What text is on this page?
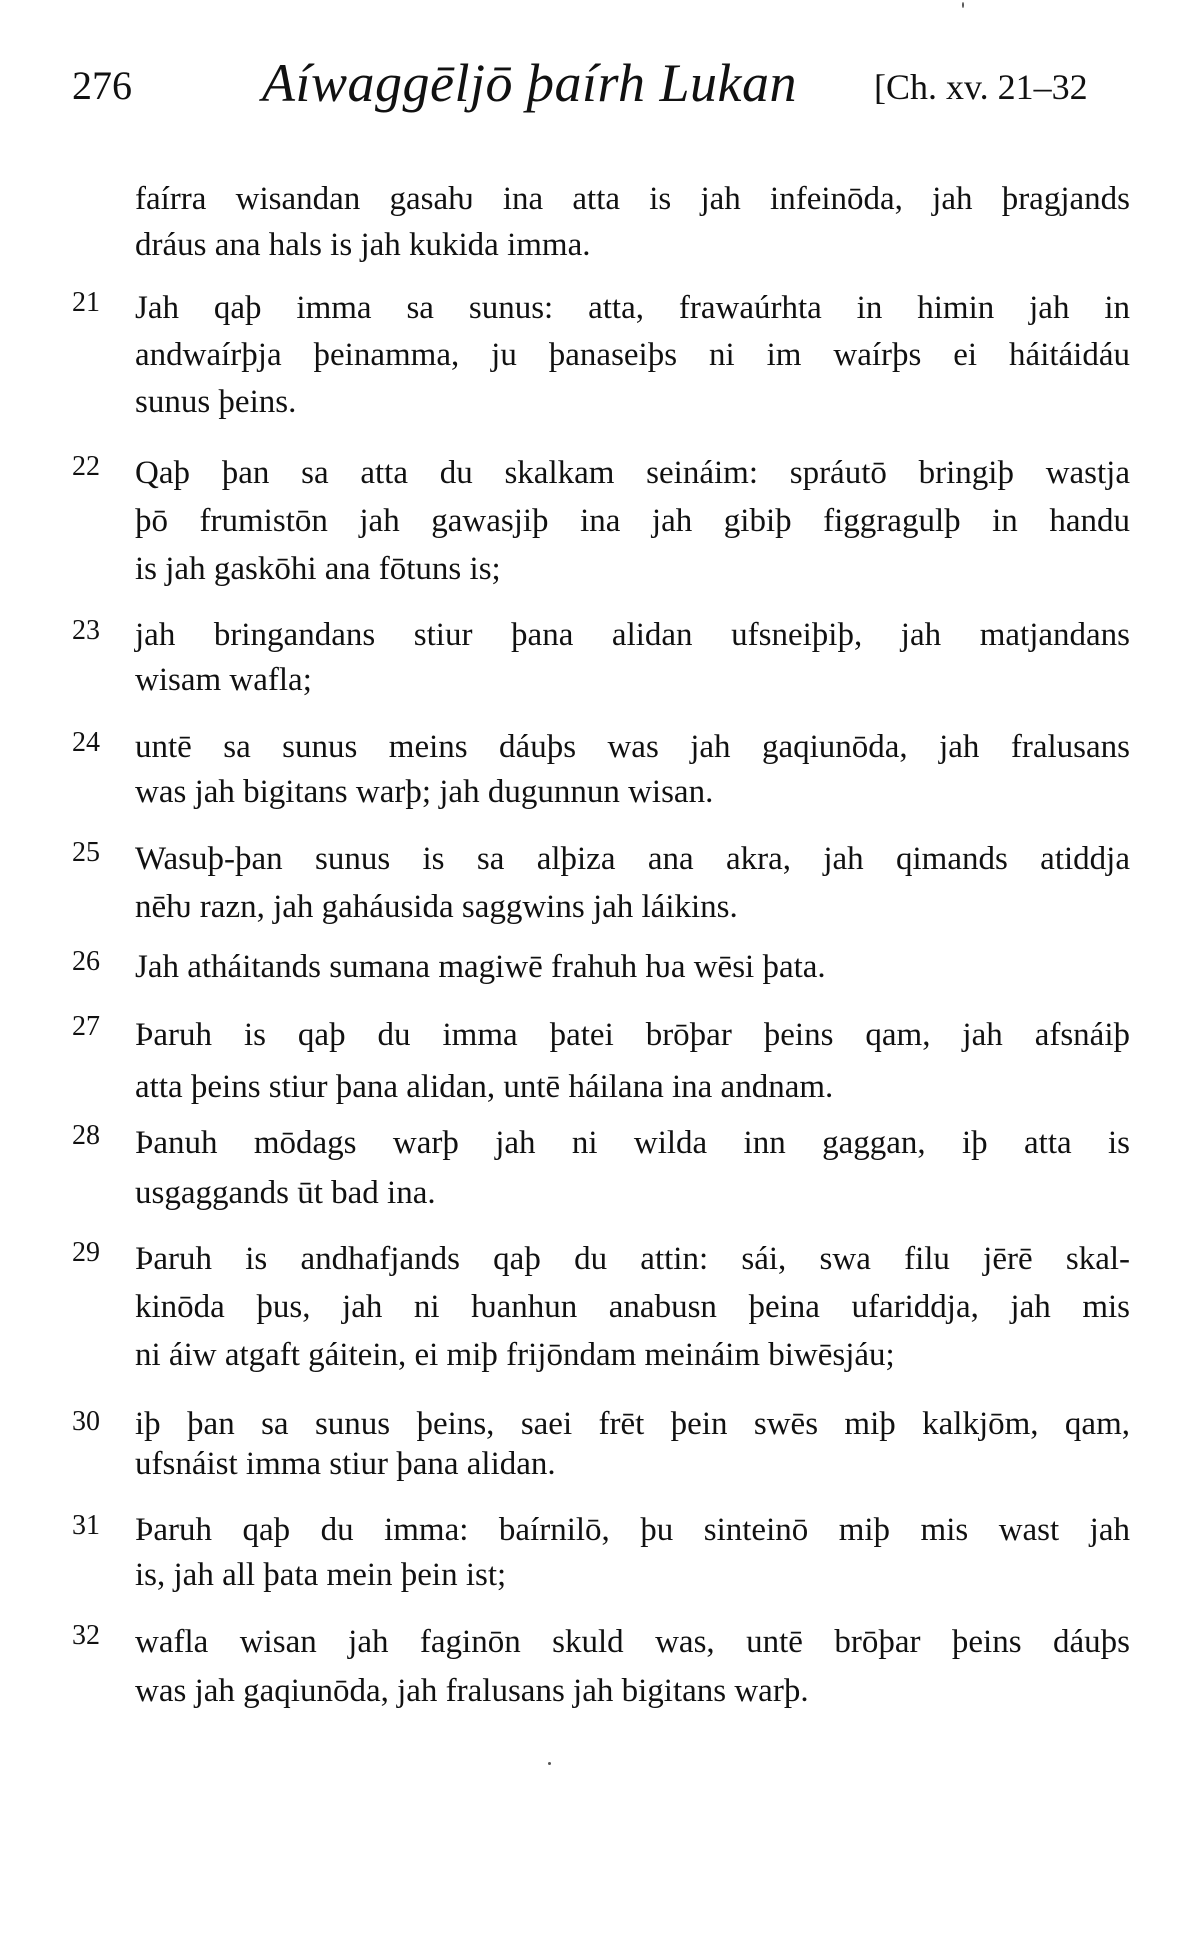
276 Aíwaggēljō þaírh Lukan [Ch. xv. 21–32
faírra wisandan gasaƕ ina atta is jah infeinōda, jah þragjands
dráus ana hals is jah kukida imma.
21	Jah qaþ imma sa sunus: atta, frawaúrhta in himin jah in
andwaírþja þeinamma, ju þanaseiþs ni im waírþs ei háitáidáu
sunus þeins.
22	Qaþ þan sa atta du skalkam seináim: spráutō bringiþ wastja
þō frumistōn jah gawasjiþ ina jah gibiþ figgragulþ in handu
is jah gaskōhi ana fōtuns is;
23	jah bringandans stiur þana alidan ufsneiþiþ, jah matjandans
wisam wafla;
24	untē sa sunus meins dáuþs was jah gaqiunōda, jah fralusans
was jah bigitans warþ; jah dugunnun wisan.
25	Wasuþ-þan sunus is sa alþiza ana akra, jah qimands atiddja
nēƕ razn, jah gaháusida saggwins jah láikins.
26	Jah atháitands sumana magiwē frahuh ƕa wēsi þata.
27	Þaruh is qaþ du imma þatei brōþar þeins qam, jah afsnáiþ
atta þeins stiur þana alidan, untē háilana ina andnam.
28	Þanuh mōdags warþ jah ni wilda inn gaggan, iþ atta is
usgaggands ūt bad ina.
29	Þaruh is andhafjands qaþ du attin: sái, swa filu jērē skal-
kinōda þus, jah ni ƕanhun anabusn þeina ufariddja, jah mis
ni áiw atgaft gáitein, ei miþ frijōndam meináim biwēsjáu;
30	iþ þan sa sunus þeins, saei frēt þein swēs miþ kalkjōm, qam,
ufsnáist imma stiur þana alidan.
31	Þaruh qaþ du imma: baírnilō, þu sinteinō miþ mis wast jah
is, jah all þata mein þein ist;
32	wafla wisan jah faginōn skuld was, untē brōþar þeins dáuþs
was jah gaqiunōda, jah fralusans jah bigitans warþ.
